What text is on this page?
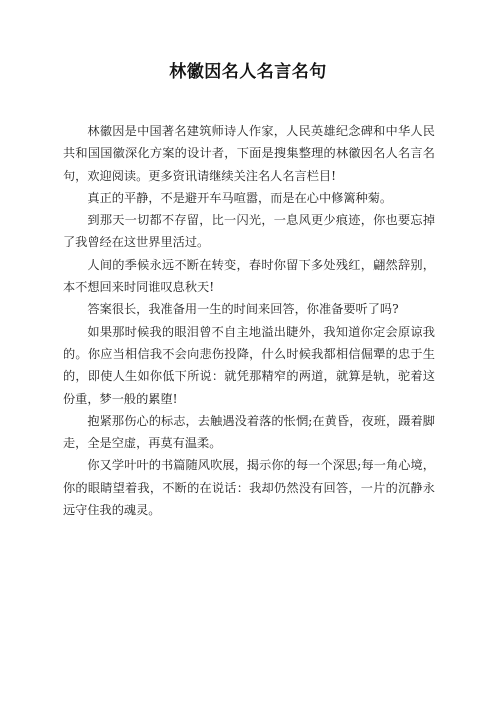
林徽因名人名言名句

林徽因是中国著名建筑师诗人作家，人民英雄纪念碑和中华人民共和国国徽深化方案的设计者，下面是搜集整理的林徽因名人名言名句，欢迎阅读。更多资讯请继续关注名人名言栏目!

真正的平静，不是避开车马喧嚣，而是在心中修篱种菊。

到那天一切都不存留，比一闪光，一息风更少痕迹，你也要忘掉了我曾经在这世界里活过。

人间的季候永远不断在转变，春时你留下多处残红，翩然辞别，本不想回来时同谁叹息秋天!

答案很长，我准备用一生的时间来回答，你准备要听了吗?

如果那时候我的眼泪曾不自主地溢出睫外，我知道你定会原谅我的。你应当相信我不会向悲伤投降，什么时候我都相信倔犟的忠于生的，即使人生如你低下所说：就凭那精窄的两道，就算是轨，驼着这份重，梦一般的累堕!

抱紧那伤心的标志，去触遇没着落的怅惘;在黄昏，夜班，蹑着脚走，全是空虚，再莫有温柔。

你又学叶叶的书篇随风吹展，揭示你的每一个深思;每一角心境，你的眼睛望着我，不断的在说话：我却仍然没有回答，一片的沉静永远守住我的魂灵。
